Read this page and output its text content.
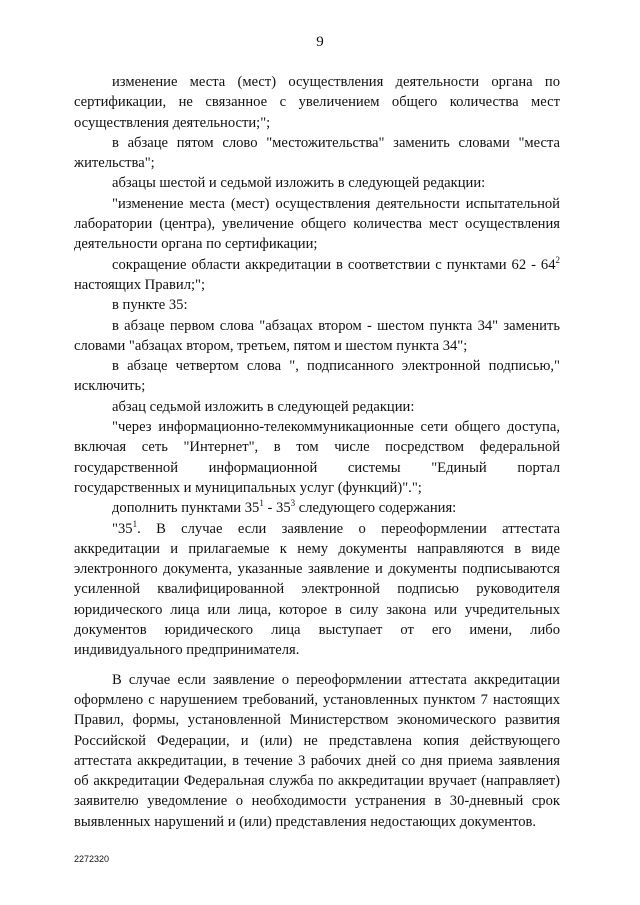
9

изменение места (мест) осуществления деятельности органа по сертификации, не связанное с увеличением общего количества мест осуществления деятельности;";

в абзаце пятом слово "местожительства" заменить словами "места жительства";

абзацы шестой и седьмой изложить в следующей редакции:

"изменение места (мест) осуществления деятельности испытательной лаборатории (центра), увеличение общего количества мест осуществления деятельности органа по сертификации;

сокращение области аккредитации в соответствии с пунктами $62 - 64^2$ настоящих Правил;";

в пункте 35:

в абзаце первом слова "абзацах втором - шестом пункта 34" заменить словами "абзацах втором, третьем, пятом и шестом пункта 34";

в абзаце четвертом слова ", подписанного электронной подписью," исключить;

абзац седьмой изложить в следующей редакции:

"через информационно-телекоммуникационные сети общего доступа, включая сеть "Интернет", в том числе посредством федеральной государственной информационной системы "Единый портал государственных и муниципальных услуг (функций)".";

дополнить пунктами $35^1 - 35^3$ следующего содержания:

"$35^1$. В случае если заявление о переоформлении аттестата аккредитации и прилагаемые к нему документы направляются в виде электронного документа, указанные заявление и документы подписываются усиленной квалифицированной электронной подписью руководителя юридического лица или лица, которое в силу закона или учредительных документов юридического лица выступает от его имени, либо индивидуального предпринимателя.

В случае если заявление о переоформлении аттестата аккредитации оформлено с нарушением требований, установленных пунктом 7 настоящих Правил, формы, установленной Министерством экономического развития Российской Федерации, и (или) не представлена копия действующего аттестата аккредитации, в течение 3 рабочих дней со дня приема заявления об аккредитации Федеральная служба по аккредитации вручает (направляет) заявителю уведомление о необходимости устранения в 30-дневный срок выявленных нарушений и (или) представления недостающих документов.

2272320
